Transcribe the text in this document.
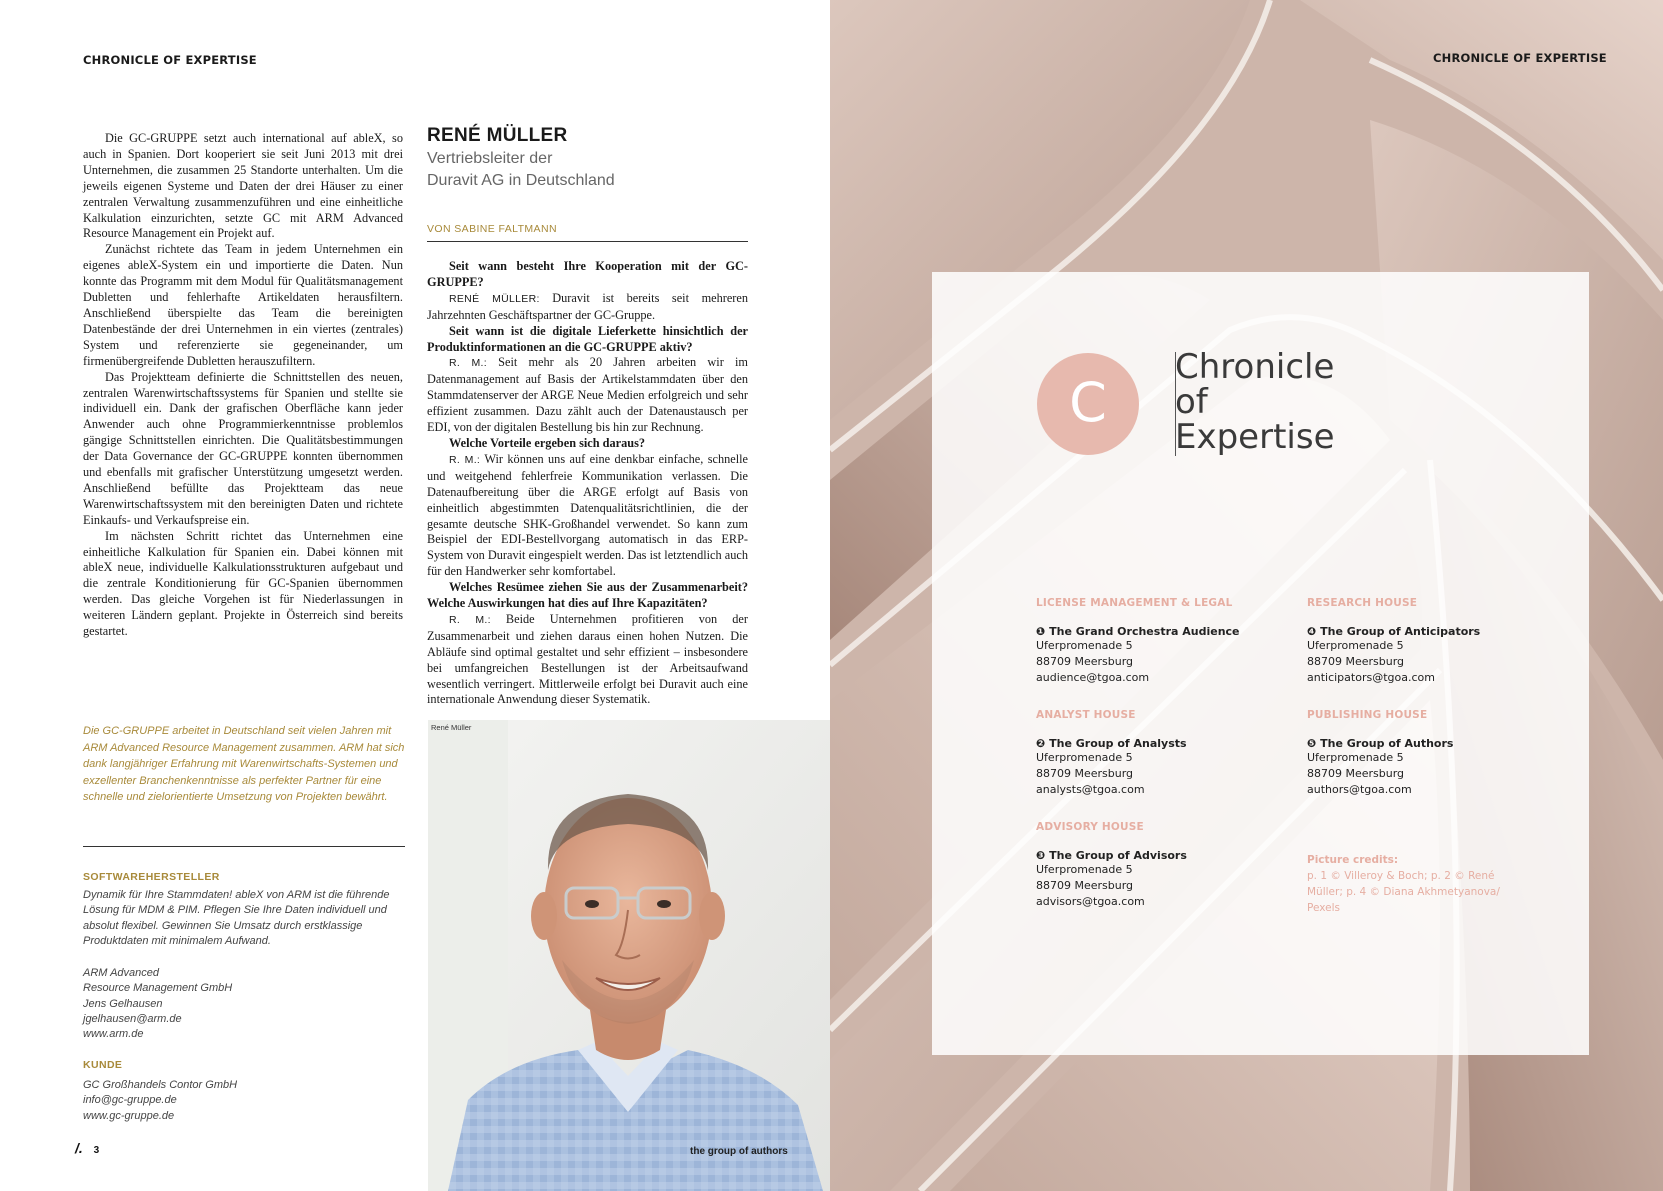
CHRONICLE OF EXPERTISE

Die GC-GRUPPE setzt auch international auf ableX, so auch in Spanien. Dort kooperiert sie seit Juni 2013 mit drei Unternehmen, die zusammen 25 Standorte unterhalten. Um die jeweils eigenen Systeme und Daten der drei Häuser zu einer zentralen Verwaltung zusammenzuführen und eine einheitliche Kalkulation einzurichten, setzte GC mit ARM Advanced Resource Management ein Projekt auf.

Zunächst richtete das Team in jedem Unternehmen ein eigenes ableX-System ein und importierte die Daten. Nun konnte das Programm mit dem Modul für Qualitätsmanagement Dubletten und fehlerhafte Artikeldaten herausfiltern. Anschließend überspielte das Team die bereinigten Datenbestände der drei Unternehmen in ein viertes (zentrales) System und referenzierte sie gegeneinander, um firmenübergreifende Dubletten herauszufiltern.

Das Projektteam definierte die Schnittstellen des neuen, zentralen Warenwirtschaftssystems für Spanien und stellte sie individuell ein. Dank der grafischen Oberfläche kann jeder Anwender auch ohne Programmierkenntnisse problemlos gängige Schnittstellen einrichten. Die Qualitätsbestimmungen der Data Governance der GC-GRUPPE konnten übernommen und ebenfalls mit grafischer Unterstützung umgesetzt werden. Anschließend befüllte das Projektteam das neue Warenwirtschaftssystem mit den bereinigten Daten und richtete Einkaufs- und Verkaufspreise ein.

Im nächsten Schritt richtet das Unternehmen eine einheitliche Kalkulation für Spanien ein. Dabei können mit ableX neue, individuelle Kalkulationsstrukturen aufgebaut und die zentrale Konditionierung für GC-Spanien übernommen werden. Das gleiche Vorgehen ist für Niederlassungen in weiteren Ländern geplant. Projekte in Österreich sind bereits gestartet.

RENÉ MÜLLER
Vertriebsleiter der
Duravit AG in Deutschland
VON SABINE FALTMANN

Seit wann besteht Ihre Kooperation mit der GC-GRUPPE?

RENÉ MÜLLER: Duravit ist bereits seit mehreren Jahrzehnten Geschäftspartner der GC-Gruppe.

Seit wann ist die digitale Lieferkette hinsichtlich der Produktinformationen an die GC-GRUPPE aktiv?

R. M.: Seit mehr als 20 Jahren arbeiten wir im Datenmanagement auf Basis der Artikelstammdaten über den Stammdatenserver der ARGE Neue Medien erfolgreich und sehr effizient zusammen. Dazu zählt auch der Datenaustausch per EDI, von der digitalen Bestellung bis hin zur Rechnung.

Welche Vorteile ergeben sich daraus?

R. M.: Wir können uns auf eine denkbar einfache, schnelle und weitgehend fehlerfreie Kommunikation verlassen. Die Datenaufbereitung über die ARGE erfolgt auf Basis von einheitlich abgestimmten Datenqualitätsrichtlinien, die der gesamte deutsche SHK-Großhandel verwendet. So kann zum Beispiel der EDI-Bestellvorgang automatisch in das ERP-System von Duravit eingespielt werden. Das ist letztendlich auch für den Handwerker sehr komfortabel.

Welches Resümee ziehen Sie aus der Zusammenarbeit? Welche Auswirkungen hat dies auf Ihre Kapazitäten?

R. M.: Beide Unternehmen profitieren von der Zusammenarbeit und ziehen daraus einen hohen Nutzen. Die Abläufe sind optimal gestaltet und sehr effizient – insbesondere bei umfangreichen Bestellungen ist der Arbeitsaufwand wesentlich verringert. Mittlerweile erfolgt bei Duravit auch eine internationale Anwendung dieser Systematik.

Die GC-GRUPPE arbeitet in Deutschland seit vielen Jahren mit ARM Advanced Resource Management zusammen. ARM hat sich dank langjähriger Erfahrung mit Warenwirtschafts-Systemen und exzellenter Branchenkenntnisse als perfekter Partner für eine schnelle und zielorientierte Umsetzung von Projekten bewährt.
SOFTWAREHERSTELLER
Dynamik für Ihre Stammdaten! ableX von ARM ist die führende Lösung für MDM & PIM. Pflegen Sie Ihre Daten individuell und absolut flexibel. Gewinnen Sie Umsatz durch erstklassige Produktdaten mit minimalem Aufwand.
ARM Advanced
Resource Management GmbH
Jens Gelhausen
jgelhausen@arm.de
www.arm.de
KUNDE
GC Großhandels Contor GmbH
info@gc-gruppe.de
www.gc-gruppe.de
/. 3
René Müller
the group of authors
CHRONICLE OF EXPERTISE
C
Chronicle
of
Expertise
LICENSE MANAGEMENT & LEGAL
❶ The Grand Orchestra Audience
Uferpromenade 5
88709 Meersburg
audience@tgoa.com
ANALYST HOUSE
❷ The Group of Analysts
Uferpromenade 5
88709 Meersburg
analysts@tgoa.com
ADVISORY HOUSE
❸ The Group of Advisors
Uferpromenade 5
88709 Meersburg
advisors@tgoa.com
RESEARCH HOUSE
❹ The Group of Anticipators
Uferpromenade 5
88709 Meersburg
anticipators@tgoa.com
PUBLISHING HOUSE
❺ The Group of Authors
Uferpromenade 5
88709 Meersburg
authors@tgoa.com
Picture credits:
p. 1 © Villeroy & Boch; p. 2 © René Müller; p. 4 © Diana Akhmetyanova/ Pexels
